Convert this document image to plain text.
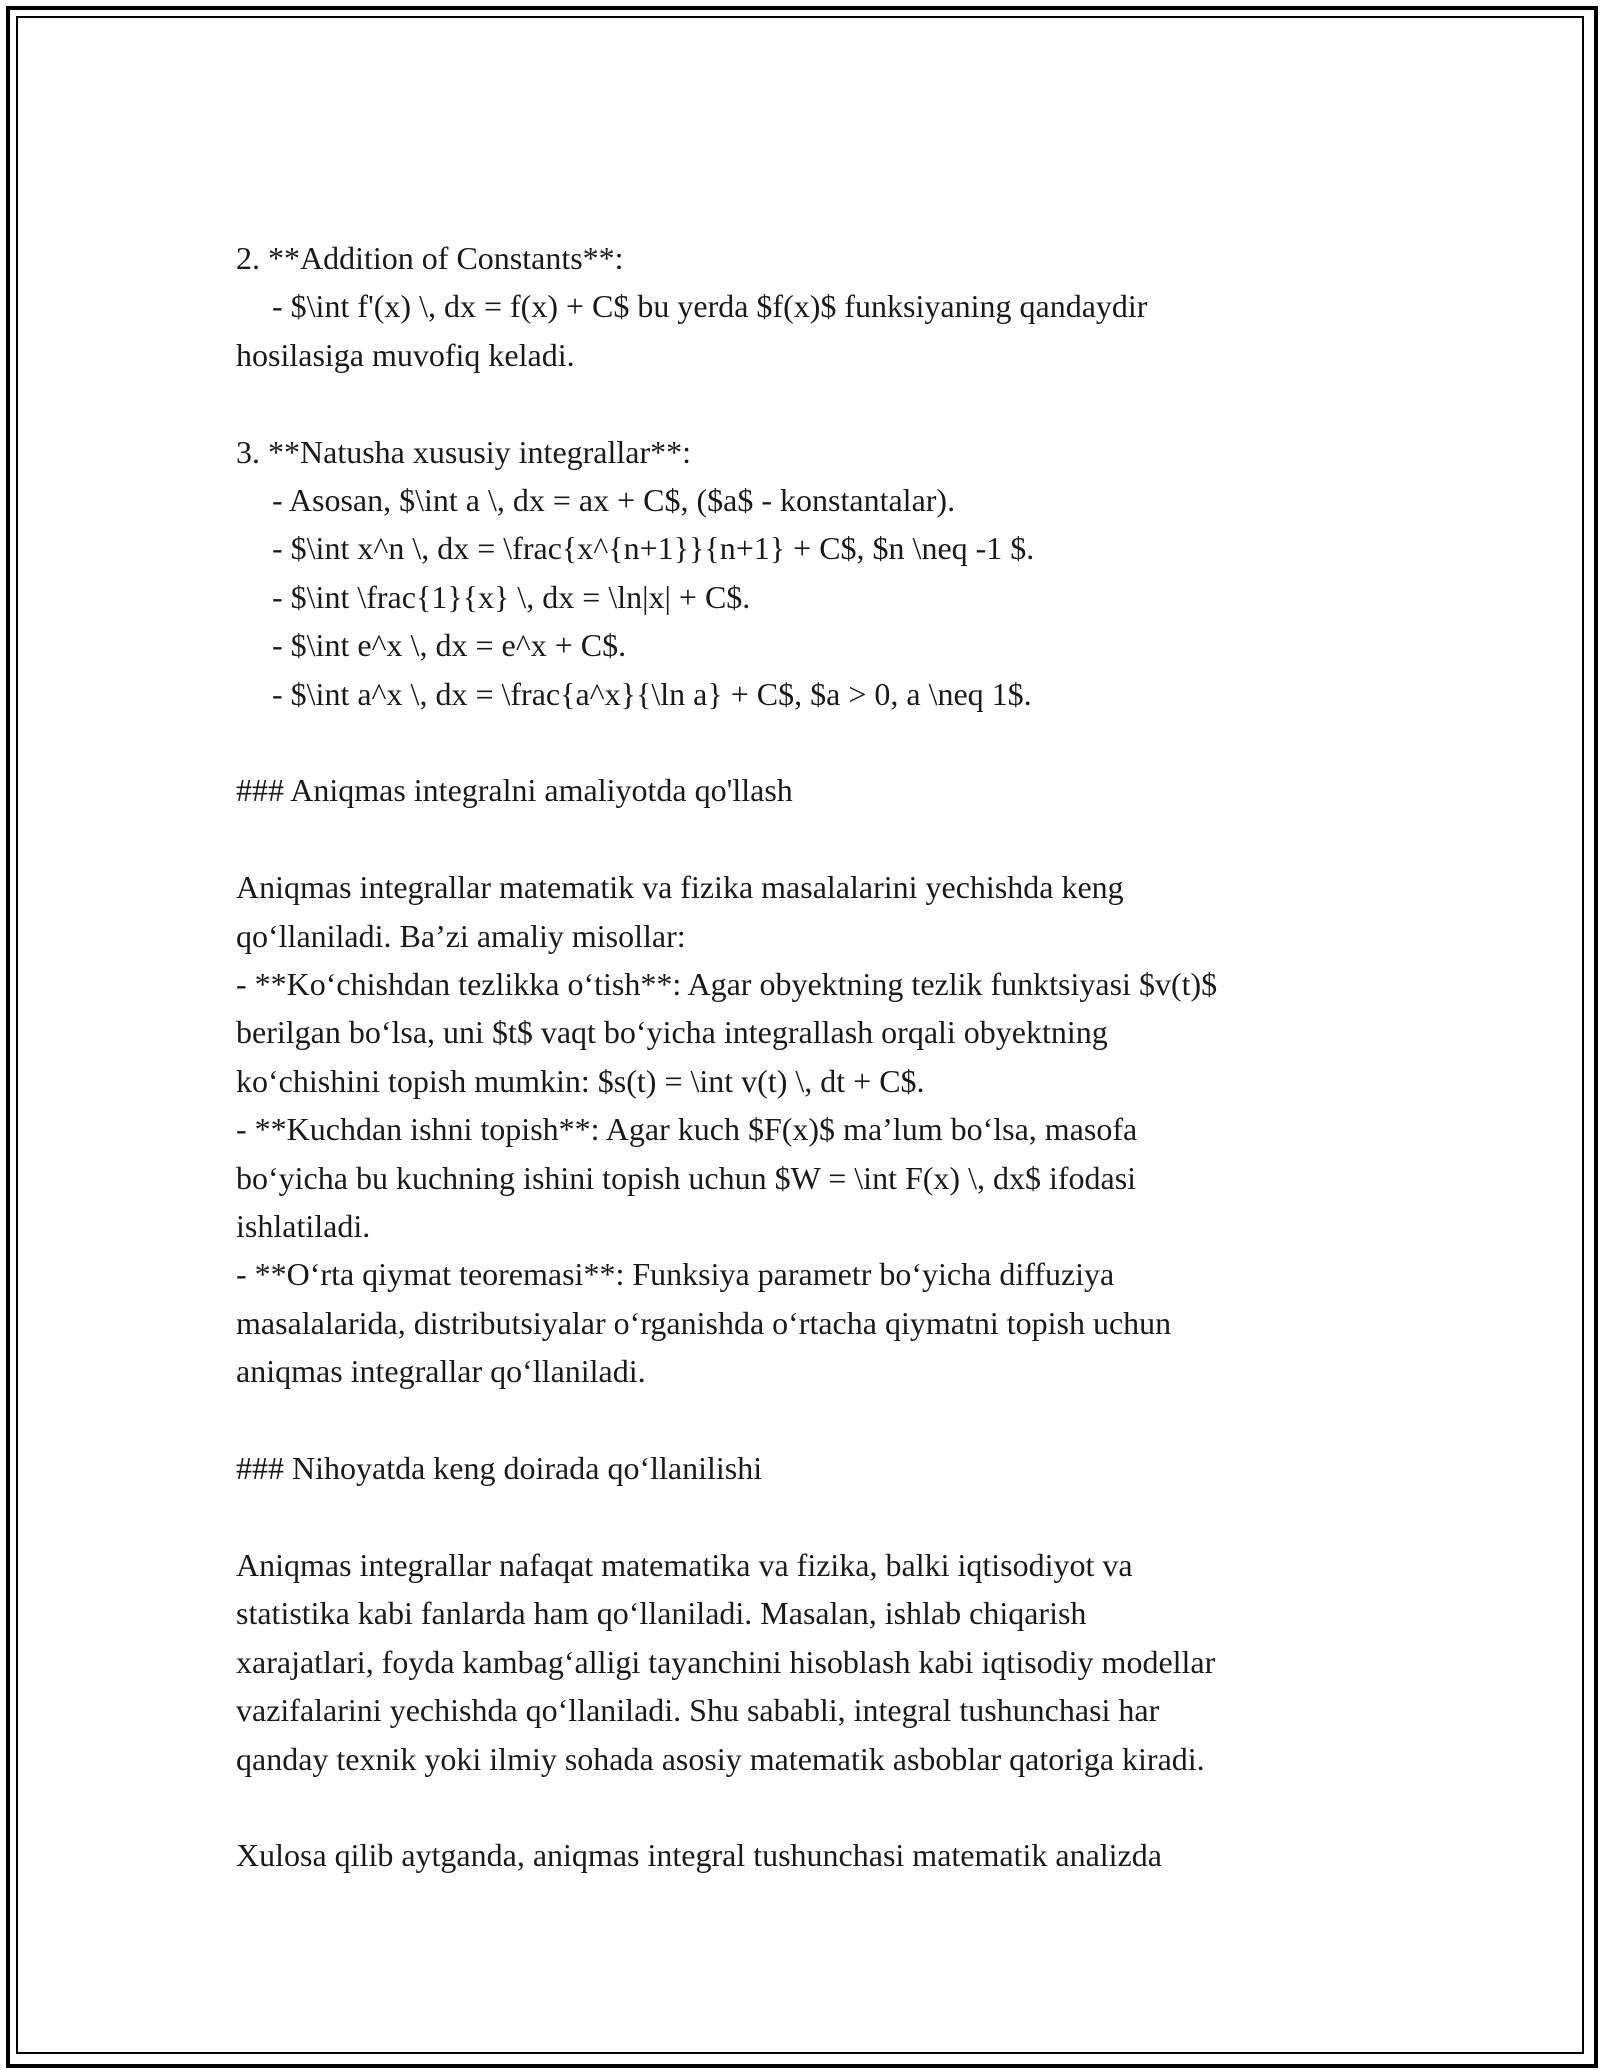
2. **Addition of Constants**:
- $\int f'(x) \, dx = f(x) + C$ bu yerda $f(x)$ funksiyaning qandaydir
hosilasiga muvofiq keladi.
3. **Natusha xususiy integrallar**:
- Asosan, $\int a \, dx = ax + C$, ($a$ - konstantalar).
- $\int x^n \, dx = \frac{x^{n+1}}{n+1} + C$, $n \neq -1 $.
- $\int \frac{1}{x} \, dx = \ln|x| + C$.
- $\int e^x \, dx = e^x + C$.
- $\int a^x \, dx = \frac{a^x}{\ln a} + C$, $a > 0, a \neq 1$.
### Aniqmas integralni amaliyotda qo'llash
Aniqmas integrallar matematik va fizika masalalarini yechishda keng
qo‘llaniladi. Ba’zi amaliy misollar:
- **Ko‘chishdan tezlikka o‘tish**: Agar obyektning tezlik funktsiyasi $v(t)$
berilgan bo‘lsa, uni $t$ vaqt bo‘yicha integrallash orqali obyektning
ko‘chishini topish mumkin: $s(t) = \int v(t) \, dt + C$.
- **Kuchdan ishni topish**: Agar kuch $F(x)$ ma’lum bo‘lsa, masofa
bo‘yicha bu kuchning ishini topish uchun $W = \int F(x) \, dx$ ifodasi
ishlatiladi.
- **O‘rta qiymat teoremasi**: Funksiya parametr bo‘yicha diffuziya
masalalarida, distributsiyalar o‘rganishda o‘rtacha qiymatni topish uchun
aniqmas integrallar qo‘llaniladi.
### Nihoyatda keng doirada qo‘llanilishi
Aniqmas integrallar nafaqat matematika va fizika, balki iqtisodiyot va
statistika kabi fanlarda ham qo‘llaniladi. Masalan, ishlab chiqarish
xarajatlari, foyda kambag‘alligi tayanchini hisoblash kabi iqtisodiy modellar
vazifalarini yechishda qo‘llaniladi. Shu sababli, integral tushunchasi har
qanday texnik yoki ilmiy sohada asosiy matematik asboblar qatoriga kiradi.
Xulosa qilib aytganda, aniqmas integral tushunchasi matematik analizda
